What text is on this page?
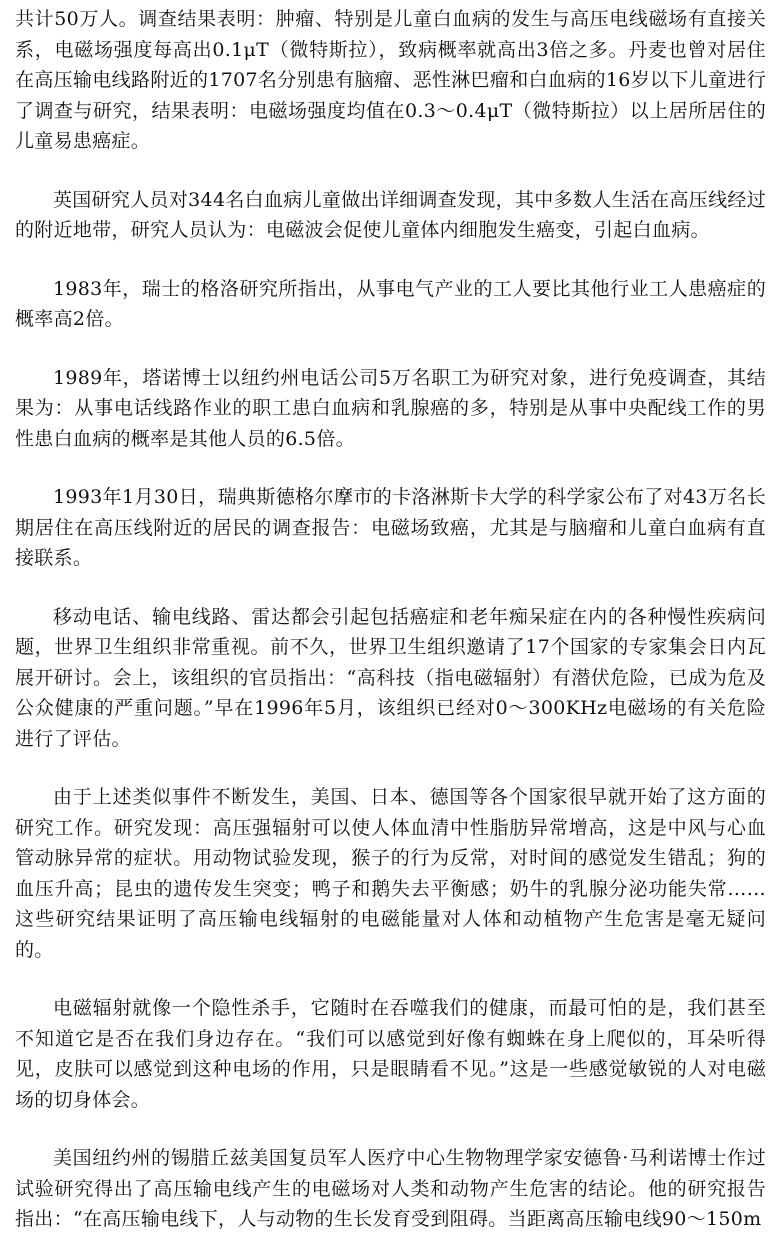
共计50万人。调查结果表明：肿瘤、特别是儿童白血病的发生与高压电线磁场有直接关系，电磁场强度每高出0.1μT（微特斯拉），致病概率就高出3倍之多。丹麦也曾对居住在高压输电线路附近的1707名分别患有脑瘤、恶性淋巴瘤和白血病的16岁以下儿童进行了调查与研究，结果表明：电磁场强度均值在0.3～0.4μT（微特斯拉）以上居所居住的儿童易患癌症。

英国研究人员对344名白血病儿童做出详细调查发现，其中多数人生活在高压线经过的附近地带，研究人员认为：电磁波会促使儿童体内细胞发生癌变，引起白血病。

1983年，瑞士的格洛研究所指出，从事电气产业的工人要比其他行业工人患癌症的概率高2倍。

1989年，塔诺博士以纽约州电话公司5万名职工为研究对象，进行免疫调查，其结果为：从事电话线路作业的职工患白血病和乳腺癌的多，特别是从事中央配线工作的男性患白血病的概率是其他人员的6.5倍。

1993年1月30日，瑞典斯德格尔摩市的卡洛淋斯卡大学的科学家公布了对43万名长期居住在高压线附近的居民的调查报告：电磁场致癌，尤其是与脑瘤和儿童白血病有直接联系。

移动电话、输电线路、雷达都会引起包括癌症和老年痴呆症在内的各种慢性疾病问题，世界卫生组织非常重视。前不久，世界卫生组织邀请了17个国家的专家集会日内瓦展开研讨。会上，该组织的官员指出：“高科技（指电磁辐射）有潜伏危险，已成为危及公众健康的严重问题。”早在1996年5月，该组织已经对0～300KHz电磁场的有关危险进行了评估。

由于上述类似事件不断发生，美国、日本、德国等各个国家很早就开始了这方面的研究工作。研究发现：高压强辐射可以使人体血清中性脂肪异常增高，这是中风与心血管动脉异常的症状。用动物试验发现，猴子的行为反常，对时间的感觉发生错乱；狗的血压升高；昆虫的遗传发生突变；鸭子和鹅失去平衡感；奶牛的乳腺分泌功能失常……这些研究结果证明了高压输电线辐射的电磁能量对人体和动植物产生危害是毫无疑问的。

电磁辐射就像一个隐性杀手，它随时在吞噬我们的健康，而最可怕的是，我们甚至不知道它是否在我们身边存在。“我们可以感觉到好像有蜘蛛在身上爬似的，耳朵听得见，皮肤可以感觉到这种电场的作用，只是眼睛看不见。”这是一些感觉敏锐的人对电磁场的切身体会。

美国纽约州的锡腊丘兹美国复员军人医疗中心生物物理学家安德鲁·马利诺博士作过试验研究得出了高压输电线产生的电磁场对人类和动物产生危害的结论。他的研究报告指出：“在高压输电线下，人与动物的生长发育受到阻碍。当距离高压输电线90～150m
